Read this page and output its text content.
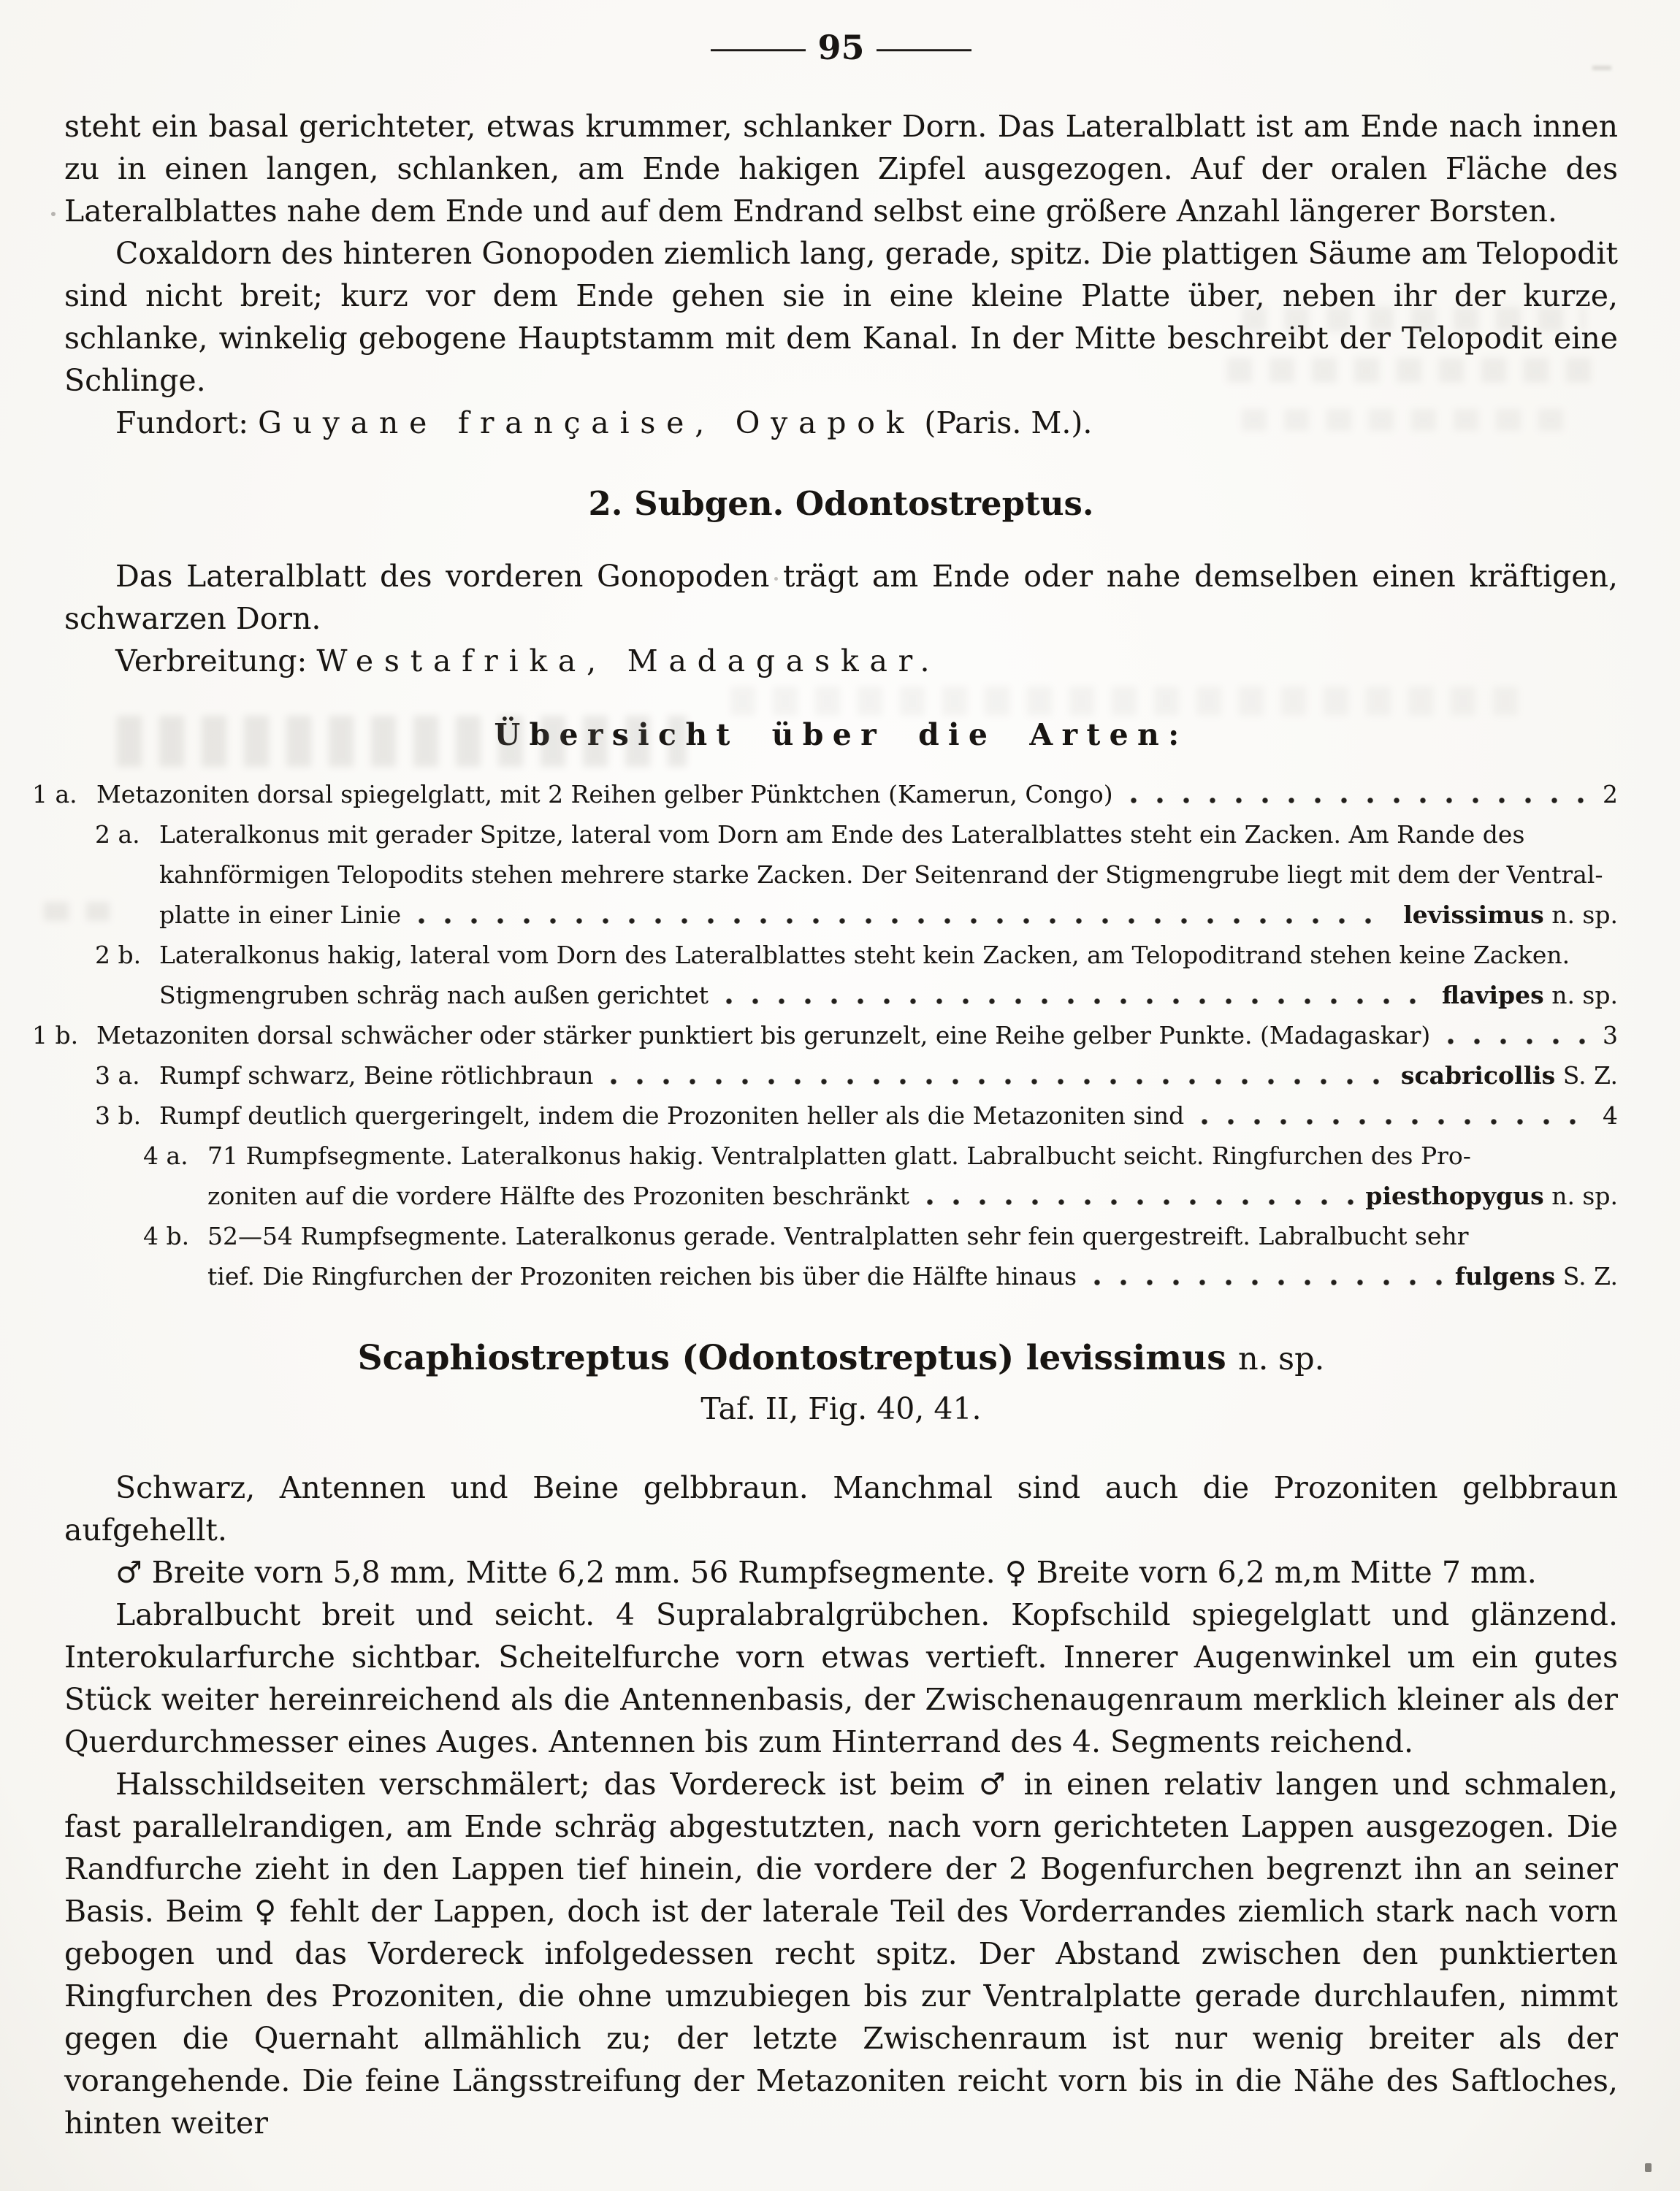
— 95 —

steht ein basal gerichteter, etwas krummer, schlanker Dorn. Das Lateralblatt ist am Ende nach innen zu in einen langen, schlanken, am Ende hakigen Zipfel ausgezogen. Auf der oralen Fläche des Lateralblattes nahe dem Ende und auf dem Endrand selbst eine größere Anzahl längerer Borsten.

Coxaldorn des hinteren Gonopoden ziemlich lang, gerade, spitz. Die plattigen Säume am Telopodit sind nicht breit; kurz vor dem Ende gehen sie in eine kleine Platte über, neben ihr der kurze, schlanke, winkelig gebogene Hauptstamm mit dem Kanal. In der Mitte beschreibt der Telopodit eine Schlinge.

Fundort: Guyane française, Oyapok (Paris. M.).

2. Subgen. Odontostreptus.

Das Lateralblatt des vorderen Gonopoden trägt am Ende oder nahe demselben einen kräftigen, schwarzen Dorn.

Verbreitung: Westafrika, Madagaskar.

Übersicht über die Arten:
1 a. Metazoniten dorsal spiegelglatt, mit 2 Reihen gelber Pünktchen (Kamerun, Congo)	2
2 a. Lateralkonus mit gerader Spitze, lateral vom Dorn am Ende des Lateralblattes steht ein Zacken. Am Rande des
kahnförmigen Telopodits stehen mehrere starke Zacken. Der Seitenrand der Stigmengrube liegt mit dem der Ventral-
platte in einer Linie	levissimus n. sp.
2 b. Lateralkonus hakig, lateral vom Dorn des Lateralblattes steht kein Zacken, am Telopoditrand stehen keine Zacken.
Stigmengruben schräg nach außen gerichtet	flavipes n. sp.
1 b. Metazoniten dorsal schwächer oder stärker punktiert bis gerunzelt, eine Reihe gelber Punkte. (Madagaskar)	3
3 a. Rumpf schwarz, Beine rötlichbraun	scabricollis S. Z.
3 b. Rumpf deutlich quergeringelt, indem die Prozoniten heller als die Metazoniten sind	4
4 a. 71 Rumpfsegmente. Lateralkonus hakig. Ventralplatten glatt. Labralbucht seicht. Ringfurchen des Pro-
zoniten auf die vordere Hälfte des Prozoniten beschränkt	piesthopygus n. sp.
4 b. 52—54 Rumpfsegmente. Lateralkonus gerade. Ventralplatten sehr fein quergestreift. Labralbucht sehr
tief. Die Ringfurchen der Prozoniten reichen bis über die Hälfte hinaus	fulgens S. Z.
Scaphiostreptus (Odontostreptus) levissimus n. sp.
Taf. II, Fig. 40, 41.

Schwarz, Antennen und Beine gelbbraun. Manchmal sind auch die Prozoniten gelbbraun aufgehellt.

♂ Breite vorn 5,8 mm, Mitte 6,2 mm. 56 Rumpfsegmente. ♀ Breite vorn 6,2 m,m Mitte 7 mm.

Labralbucht breit und seicht. 4 Supralabralgrübchen. Kopfschild spiegelglatt und glänzend. Interokularfurche sichtbar. Scheitelfurche vorn etwas vertieft. Innerer Augenwinkel um ein gutes Stück weiter hereinreichend als die Antennenbasis, der Zwischenaugenraum merklich kleiner als der Querdurchmesser eines Auges. Antennen bis zum Hinterrand des 4. Segments reichend.

Halsschildseiten verschmälert; das Vordereck ist beim ♂ in einen relativ langen und schmalen, fast parallelrandigen, am Ende schräg abgestutzten, nach vorn gerichteten Lappen ausgezogen. Die Randfurche zieht in den Lappen tief hinein, die vordere der 2 Bogenfurchen begrenzt ihn an seiner Basis. Beim ♀ fehlt der Lappen, doch ist der laterale Teil des Vorderrandes ziemlich stark nach vorn gebogen und das Vordereck infolgedessen recht spitz. Der Abstand zwischen den punktierten Ringfurchen des Prozoniten, die ohne umzubiegen bis zur Ventralplatte gerade durchlaufen, nimmt gegen die Quernaht allmählich zu; der letzte Zwischenraum ist nur wenig breiter als der vorangehende. Die feine Längsstreifung der Metazoniten reicht vorn bis in die Nähe des Saftloches, hinten weiter
